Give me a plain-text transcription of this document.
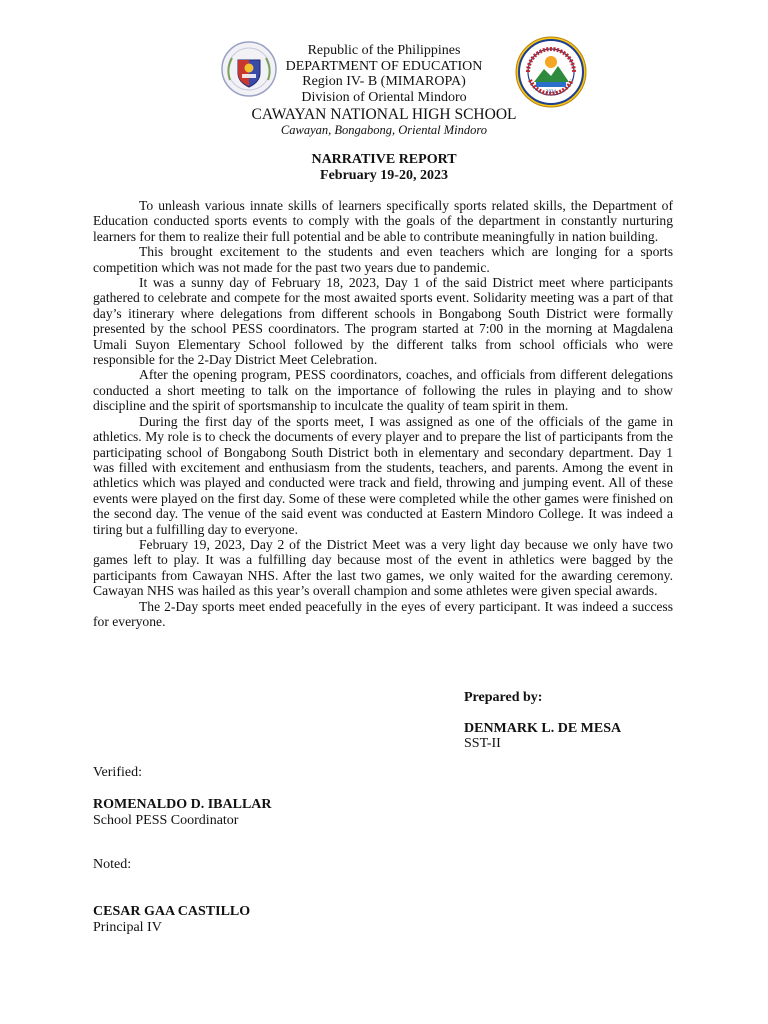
2024
Republic of the Philippines
DEPARTMENT OF EDUCATION
Region IV- B (MIMAROPA)
Division of Oriental Mindoro
CAWAYAN NATIONAL HIGH SCHOOL
Cawayan, Bongabong, Oriental Mindoro
NARRATIVE REPORT
February 19-20, 2023

To unleash various innate skills of learners specifically sports related skills, the Department of Education conducted sports events to comply with the goals of the department in constantly nurturing learners for them to realize their full potential and be able to contribute meaningfully in nation building.

This brought excitement to the students and even teachers which are longing for a sports competition which was not made for the past two years due to pandemic.

It was a sunny day of February 18, 2023, Day 1 of the said District meet where participants gathered to celebrate and compete for the most awaited sports event. Solidarity meeting was a part of that day’s itinerary where delegations from different schools in Bongabong South District were formally presented by the school PESS coordinators. The program started at 7:00 in the morning at Magdalena Umali Suyon Elementary School followed by the different talks from school officials who were responsible for the 2-Day District Meet Celebration.

After the opening program, PESS coordinators, coaches, and officials from different delegations conducted a short meeting to talk on the importance of following the rules in playing and to show discipline and the spirit of sportsmanship to inculcate the quality of team spirit in them.

During the first day of the sports meet, I was assigned as one of the officials of the game in athletics. My role is to check the documents of every player and to prepare the list of participants from the participating school of Bongabong South District both in elementary and secondary department. Day 1 was filled with excitement and enthusiasm from the students, teachers, and parents. Among the event in athletics which was played and conducted were track and field, throwing and jumping event. All of these events were played on the first day. Some of these were completed while the other games were finished on the second day. The venue of the said event was conducted at Eastern Mindoro College. It was indeed a tiring but a fulfilling day to everyone.

February 19, 2023, Day 2 of the District Meet was a very light day because we only have two games left to play. It was a fulfilling day because most of the event in athletics were bagged by the participants from Cawayan NHS. After the last two games, we only waited for the awarding ceremony. Cawayan NHS was hailed as this year’s overall champion and some athletes were given special awards.

The 2-Day sports meet ended peacefully in the eyes of every participant. It was indeed a success for everyone.

Prepared by:
DENMARK L. DE MESA
SST-II
Verified:
ROMENALDO D. IBALLAR
School PESS Coordinator
Noted:
CESAR GAA CASTILLO
Principal IV
